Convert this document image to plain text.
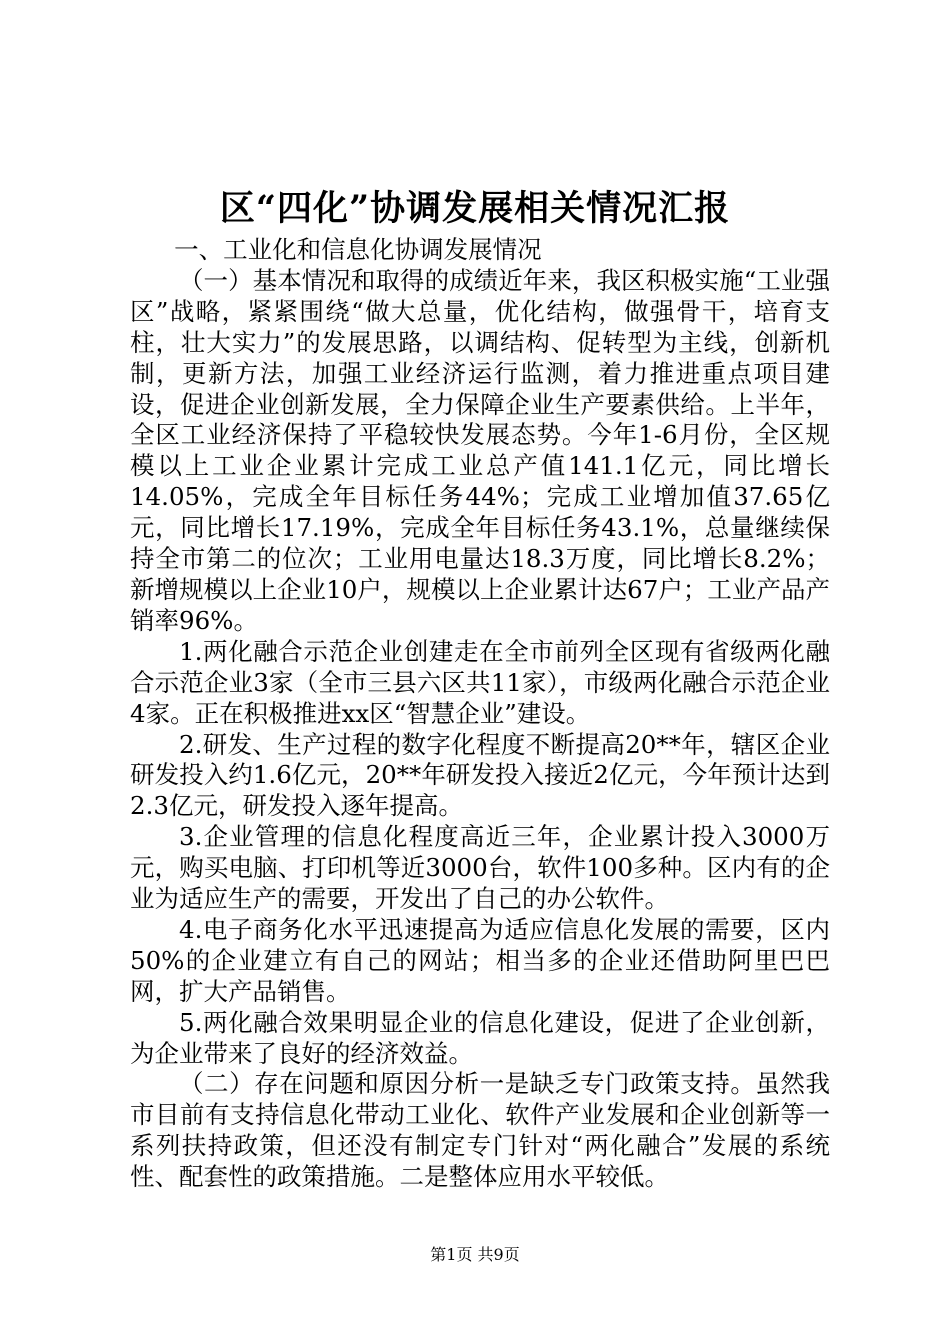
区“四化”协调发展相关情况汇报

一、工业化和信息化协调发展情况

（一）基本情况和取得的成绩近年来，我区积极实施“工业强区”战略，紧紧围绕“做大总量，优化结构，做强骨干，培育支柱，壮大实力”的发展思路，以调结构、促转型为主线，创新机制，更新方法，加强工业经济运行监测，着力推进重点项目建设，促进企业创新发展，全力保障企业生产要素供给。上半年，全区工业经济保持了平稳较快发展态势。今年1-6月份，全区规模以上工业企业累计完成工业总产值141.1亿元，同比增长14.05%，完成全年目标任务44%；完成工业增加值37.65亿元，同比增长17.19%，完成全年目标任务43.1%，总量继续保持全市第二的位次；工业用电量达18.3万度，同比增长8.2%；新增规模以上企业10户，规模以上企业累计达67户；工业产品产销率96%。

1.两化融合示范企业创建走在全市前列全区现有省级两化融合示范企业3家（全市三县六区共11家），市级两化融合示范企业4家。正在积极推进xx区“智慧企业”建设。

2.研发、生产过程的数字化程度不断提高20**年，辖区企业研发投入约1.6亿元，20**年研发投入接近2亿元，今年预计达到2.3亿元，研发投入逐年提高。

3.企业管理的信息化程度高近三年，企业累计投入3000万元，购买电脑、打印机等近3000台，软件100多种。区内有的企业为适应生产的需要，开发出了自己的办公软件。

4.电子商务化水平迅速提高为适应信息化发展的需要，区内50%的企业建立有自己的网站；相当多的企业还借助阿里巴巴网，扩大产品销售。

5.两化融合效果明显企业的信息化建设，促进了企业创新，为企业带来了良好的经济效益。

（二）存在问题和原因分析一是缺乏专门政策支持。虽然我市目前有支持信息化带动工业化、软件产业发展和企业创新等一系列扶持政策，但还没有制定专门针对“两化融合”发展的系统性、配套性的政策措施。二是整体应用水平较低。

第1页 共9页
